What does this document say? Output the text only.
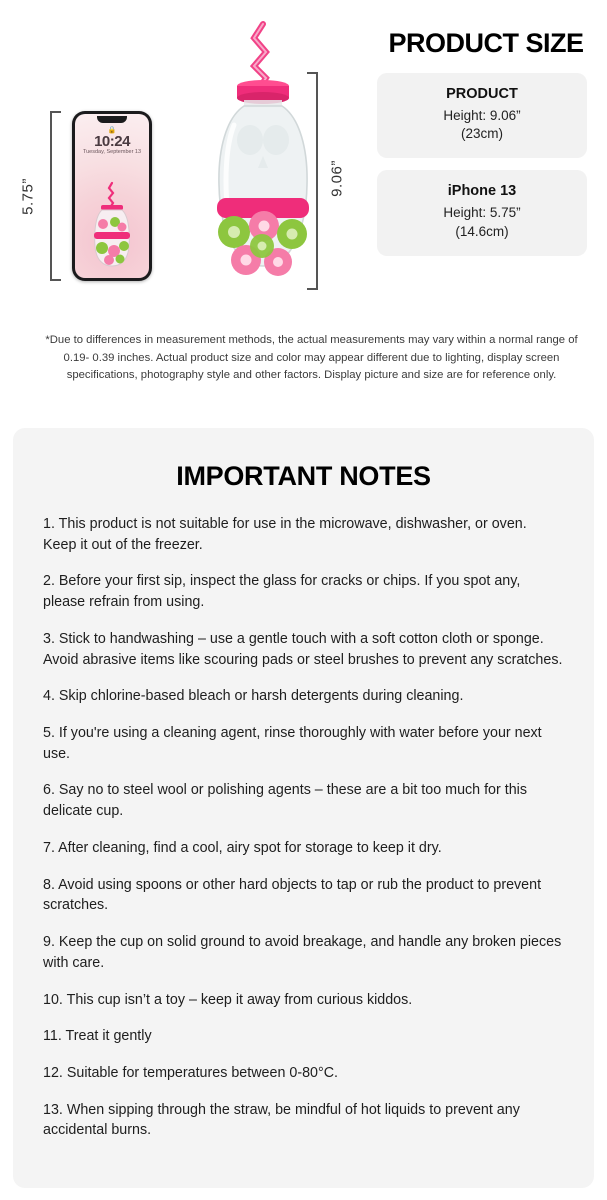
5.75”
🔒
10:24
Tuesday, September 13
9.06”
PRODUCT SIZE
PRODUCT
Height: 9.06”
(23cm)
iPhone 13
Height: 5.75”
(14.6cm)
*Due to differences in measurement methods, the actual measurements may vary within a normal range of 0.19- 0.39 inches. Actual product size and color may appear different due to lighting, display screen specifications, photography style and other factors. Display picture and size are for reference only.
IMPORTANT NOTES

1. This product is not suitable for use in the microwave, dishwasher, or oven. Keep it out of the freezer.

2. Before your first sip, inspect the glass for cracks or chips. If you spot any, please refrain from using.

3. Stick to handwashing – use a gentle touch with a soft cotton cloth or sponge. Avoid abrasive items like scouring pads or steel brushes to prevent any scratches.

4. Skip chlorine-based bleach or harsh detergents during cleaning.

5. If you're using a cleaning agent, rinse thoroughly with water before your next use.

6. Say no to steel wool or polishing agents – these are a bit too much for this delicate cup.

7. After cleaning, find a cool, airy spot for storage to keep it dry.

8. Avoid using spoons or other hard objects to tap or rub the product to prevent scratches.

9. Keep the cup on solid ground to avoid breakage, and handle any broken pieces with care.

10. This cup isn’t a toy – keep it away from curious kiddos.

11. Treat it gently

12. Suitable for temperatures between 0-80°C.

13. When sipping through the straw, be mindful of hot liquids to prevent any accidental burns.
